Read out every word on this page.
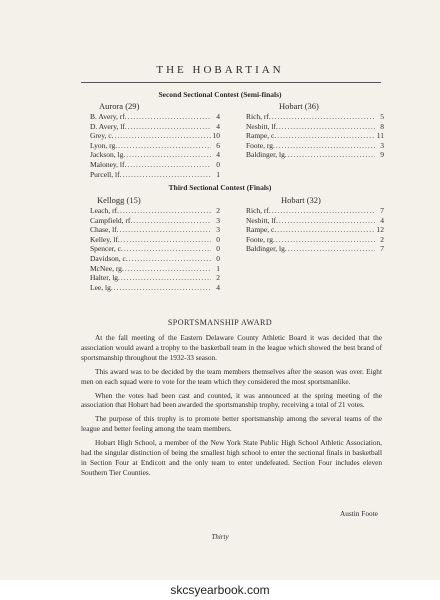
THE HOBARTIAN
Second Sectional Contest (Semi-finals)
Aurora (29)	Hobart (36)
B. Avery, rf. .....	4
D. Avery, lf. .....	4
Grey, c. .....	10
Lyon, rg. .....	6
Jackson, lg. .....	4
Maloney, lf. .....	0
Purcell, lf. .....	1
Rich, rf. .....	5
Nesbitt, lf. .....	8
Rampe, c. .....	11
Foote, rg. .....	3
Baldinger, lg. .....	9
Third Sectional Contest (Finals)
Kellogg (15)	Hobart (32)
Leach, rf. .....	2
Campfield, rf. .....	3
Chase, lf. .....	3
Kelley, lf. .....	0
Spencer, c. .....	0
Davidson, c. .....	0
McNee, rg. .....	1
Halter, lg. .....	2
Lee, lg. .....	4
Rich, rf. .....	7
Nesbitt, lf. .....	4
Rampe, c. .....	12
Foote, rg. .....	2
Baldinger, lg. .....	7
SPORTSMANSHIP AWARD

At the fall meeting of the Eastern Delaware County Athletic Board it was decided that the association would award a trophy to the basketball team in the league which showed the best brand of sportsmanship throughout the 1932-33 season.

This award was to be decided by the team members themselves after the season was over. Eight men on each squad were to vote for the team which they considered the most sportsmanlike.

When the votes had been cast and counted, it was announced at the spring meeting of the association that Hobart had been awarded the sportsmanship trophy, receiving a total of 21 votes.

The purpose of this trophy is to promote better sportsmanship among the several teams of the league and better feeling among the team members.

Hobart High School, a member of the New York State Public High School Athletic Association, had the singular distinction of being the smallest high school to enter the sectional finals in basketball in Section Four at Endicott and the only team to enter undefeated. Section Four includes eleven Southern Tier Counties.

Austin Foote
Thirty
skcsyearbook.com
